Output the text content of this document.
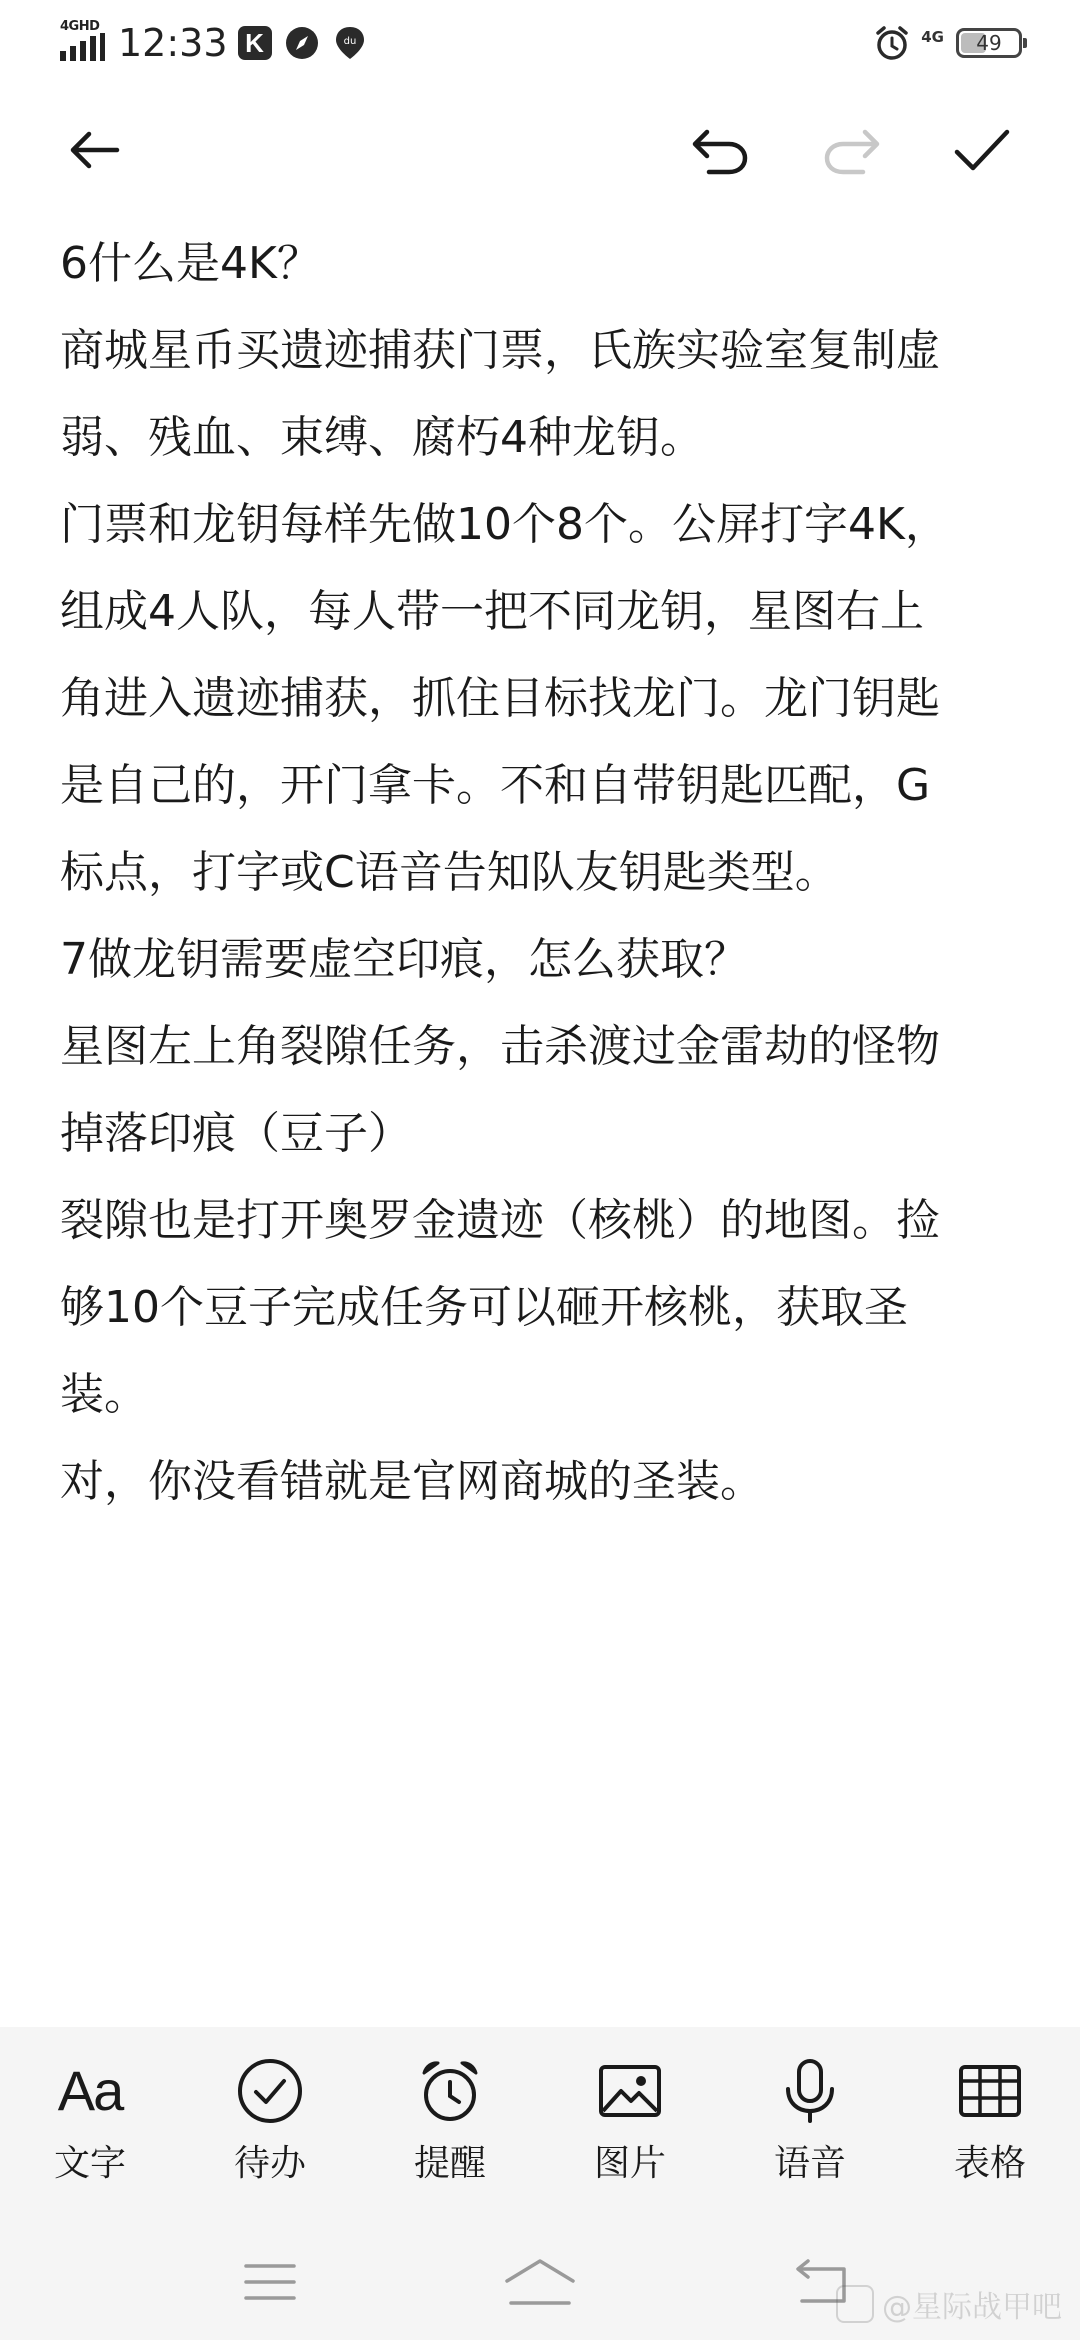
4GHD 12:33 K	du	4G	49
6什么是4K？
商城星币买遗迹捕获门票，氏族实验室复制虚
弱、残血、束缚、腐朽4种龙钥。
门票和龙钥每样先做10个8个。公屏打字4K，
组成4人队，每人带一把不同龙钥，星图右上
角进入遗迹捕获，抓住目标找龙门。龙门钥匙
是自己的，开门拿卡。不和自带钥匙匹配，G
标点，打字或C语音告知队友钥匙类型。
7做龙钥需要虚空印痕，怎么获取？
星图左上角裂隙任务，击杀渡过金雷劫的怪物
掉落印痕（豆子）
裂隙也是打开奥罗金遗迹（核桃）的地图。捡
够10个豆子完成任务可以砸开核桃，获取圣
装。
对，你没看错就是官网商城的圣装。
Aa
文字	待办	提醒	图片	语音	表格
@星际战甲吧
